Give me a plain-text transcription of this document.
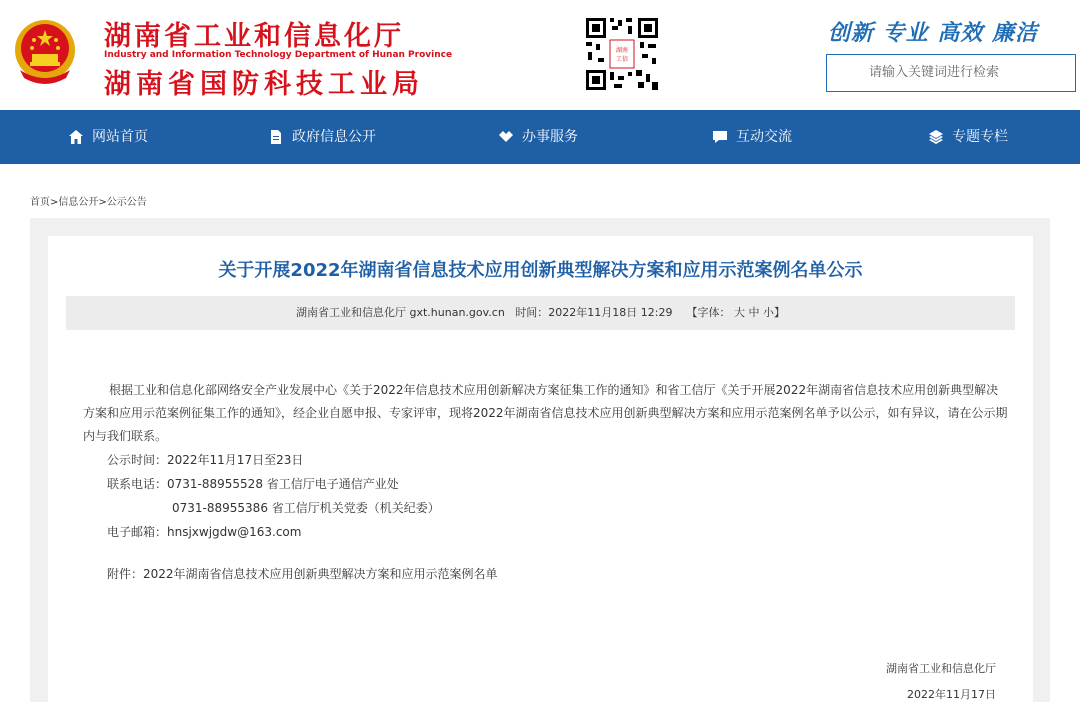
湖南省工业和信息化厅
Industry and Information Technology Department of Hunan Province
湖南省国防科技工业局
湖南
工信
创新 专业 高效 廉洁
请输入关键词进行检索
网站首页	政府信息公开	办事服务	互动交流	专题专栏
首页>信息公开>公示公告
关于开展2022年湖南省信息技术应用创新典型解决方案和应用示范案例名单公示
湖南省工业和信息化厅 gxt.hunan.gov.cn 时间：2022年11月18日 12:29 【字体： 大 中 小】

根据工业和信息化部网络安全产业发展中心《关于2022年信息技术应用创新解决方案征集工作的通知》和省工信厅《关于开展2022年湖南省信息技术应用创新典型解决方案和应用示范案例征集工作的通知》，经企业自愿申报、专家评审，现将2022年湖南省信息技术应用创新典型解决方案和应用示范案例名单予以公示，如有异议，请在公示期内与我们联系。

公示时间：2022年11月17日至23日
联系电话：0731-88955528 省工信厅电子通信产业处
0731-88955386 省工信厅机关党委（机关纪委）
电子邮箱：hnsjxwjgdw@163.com
附件：2022年湖南省信息技术应用创新典型解决方案和应用示范案例名单
湖南省工业和信息化厅
2022年11月17日
